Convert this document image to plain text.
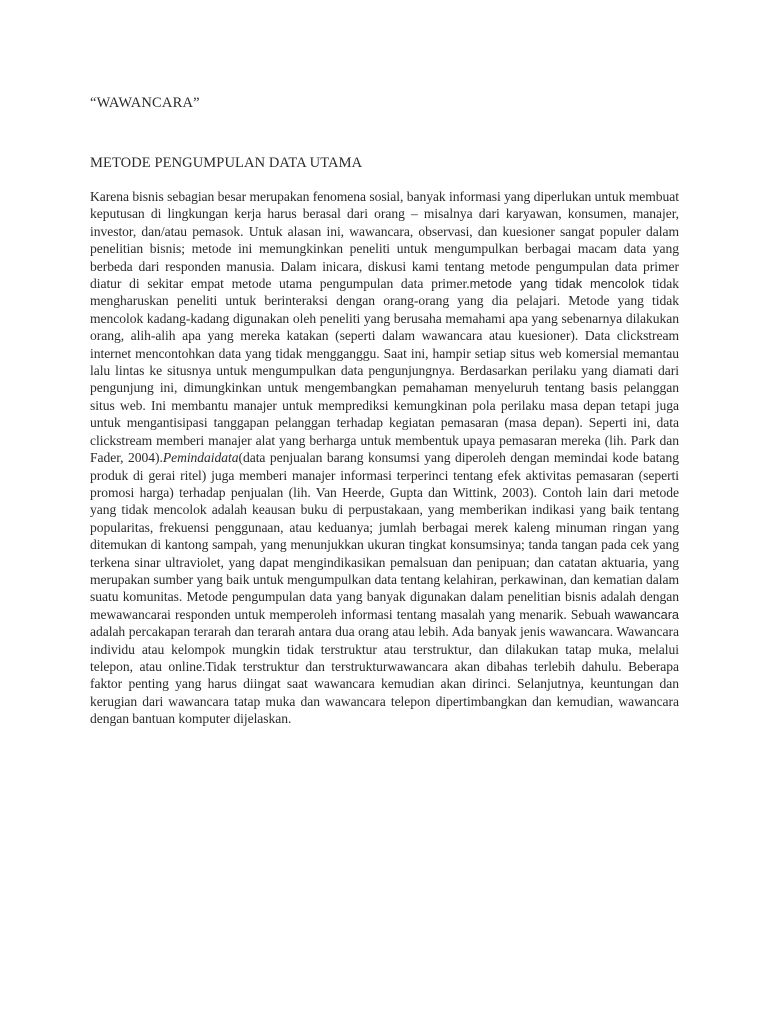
“WAWANCARA”

METODE PENGUMPULAN DATA UTAMA

Karena bisnis sebagian besar merupakan fenomena sosial, banyak informasi yang diperlukan untuk membuat keputusan di lingkungan kerja harus berasal dari orang – misalnya dari karyawan, konsumen, manajer, investor, dan/atau pemasok. Untuk alasan ini, wawancara, observasi, dan kuesioner sangat populer dalam penelitian bisnis; metode ini memungkinkan peneliti untuk mengumpulkan berbagai macam data yang berbeda dari responden manusia. Dalam inicara, diskusi kami tentang metode pengumpulan data primer diatur di sekitar empat metode utama pengumpulan data primer.metode yang tidak mencolok tidak mengharuskan peneliti untuk berinteraksi dengan orang-orang yang dia pelajari. Metode yang tidak mencolok kadang-kadang digunakan oleh peneliti yang berusaha memahami apa yang sebenarnya dilakukan orang, alih-alih apa yang mereka katakan (seperti dalam wawancara atau kuesioner). Data clickstream internet mencontohkan data yang tidak mengganggu. Saat ini, hampir setiap situs web komersial memantau lalu lintas ke situsnya untuk mengumpulkan data pengunjungnya. Berdasarkan perilaku yang diamati dari pengunjung ini, dimungkinkan untuk mengembangkan pemahaman menyeluruh tentang basis pelanggan situs web. Ini membantu manajer untuk memprediksi kemungkinan pola perilaku masa depan tetapi juga untuk mengantisipasi tanggapan pelanggan terhadap kegiatan pemasaran (masa depan). Seperti ini, data clickstream memberi manajer alat yang berharga untuk membentuk upaya pemasaran mereka (lih. Park dan Fader, 2004).Pemindaidata(data penjualan barang konsumsi yang diperoleh dengan memindai kode batang produk di gerai ritel) juga memberi manajer informasi terperinci tentang efek aktivitas pemasaran (seperti promosi harga) terhadap penjualan (lih. Van Heerde, Gupta dan Wittink, 2003). Contoh lain dari metode yang tidak mencolok adalah keausan buku di perpustakaan, yang memberikan indikasi yang baik tentang popularitas, frekuensi penggunaan, atau keduanya; jumlah berbagai merek kaleng minuman ringan yang ditemukan di kantong sampah, yang menunjukkan ukuran tingkat konsumsinya; tanda tangan pada cek yang terkena sinar ultraviolet, yang dapat mengindikasikan pemalsuan dan penipuan; dan catatan aktuaria, yang merupakan sumber yang baik untuk mengumpulkan data tentang kelahiran, perkawinan, dan kematian dalam suatu komunitas. Metode pengumpulan data yang banyak digunakan dalam penelitian bisnis adalah dengan mewawancarai responden untuk memperoleh informasi tentang masalah yang menarik. Sebuah wawancara adalah percakapan terarah dan terarah antara dua orang atau lebih. Ada banyak jenis wawancara. Wawancara individu atau kelompok mungkin tidak terstruktur atau terstruktur, dan dilakukan tatap muka, melalui telepon, atau online.Tidak terstruktur dan terstrukturwawancara akan dibahas terlebih dahulu. Beberapa faktor penting yang harus diingat saat wawancara kemudian akan dirinci. Selanjutnya, keuntungan dan kerugian dari wawancara tatap muka dan wawancara telepon dipertimbangkan dan kemudian, wawancara dengan bantuan komputer dijelaskan.
